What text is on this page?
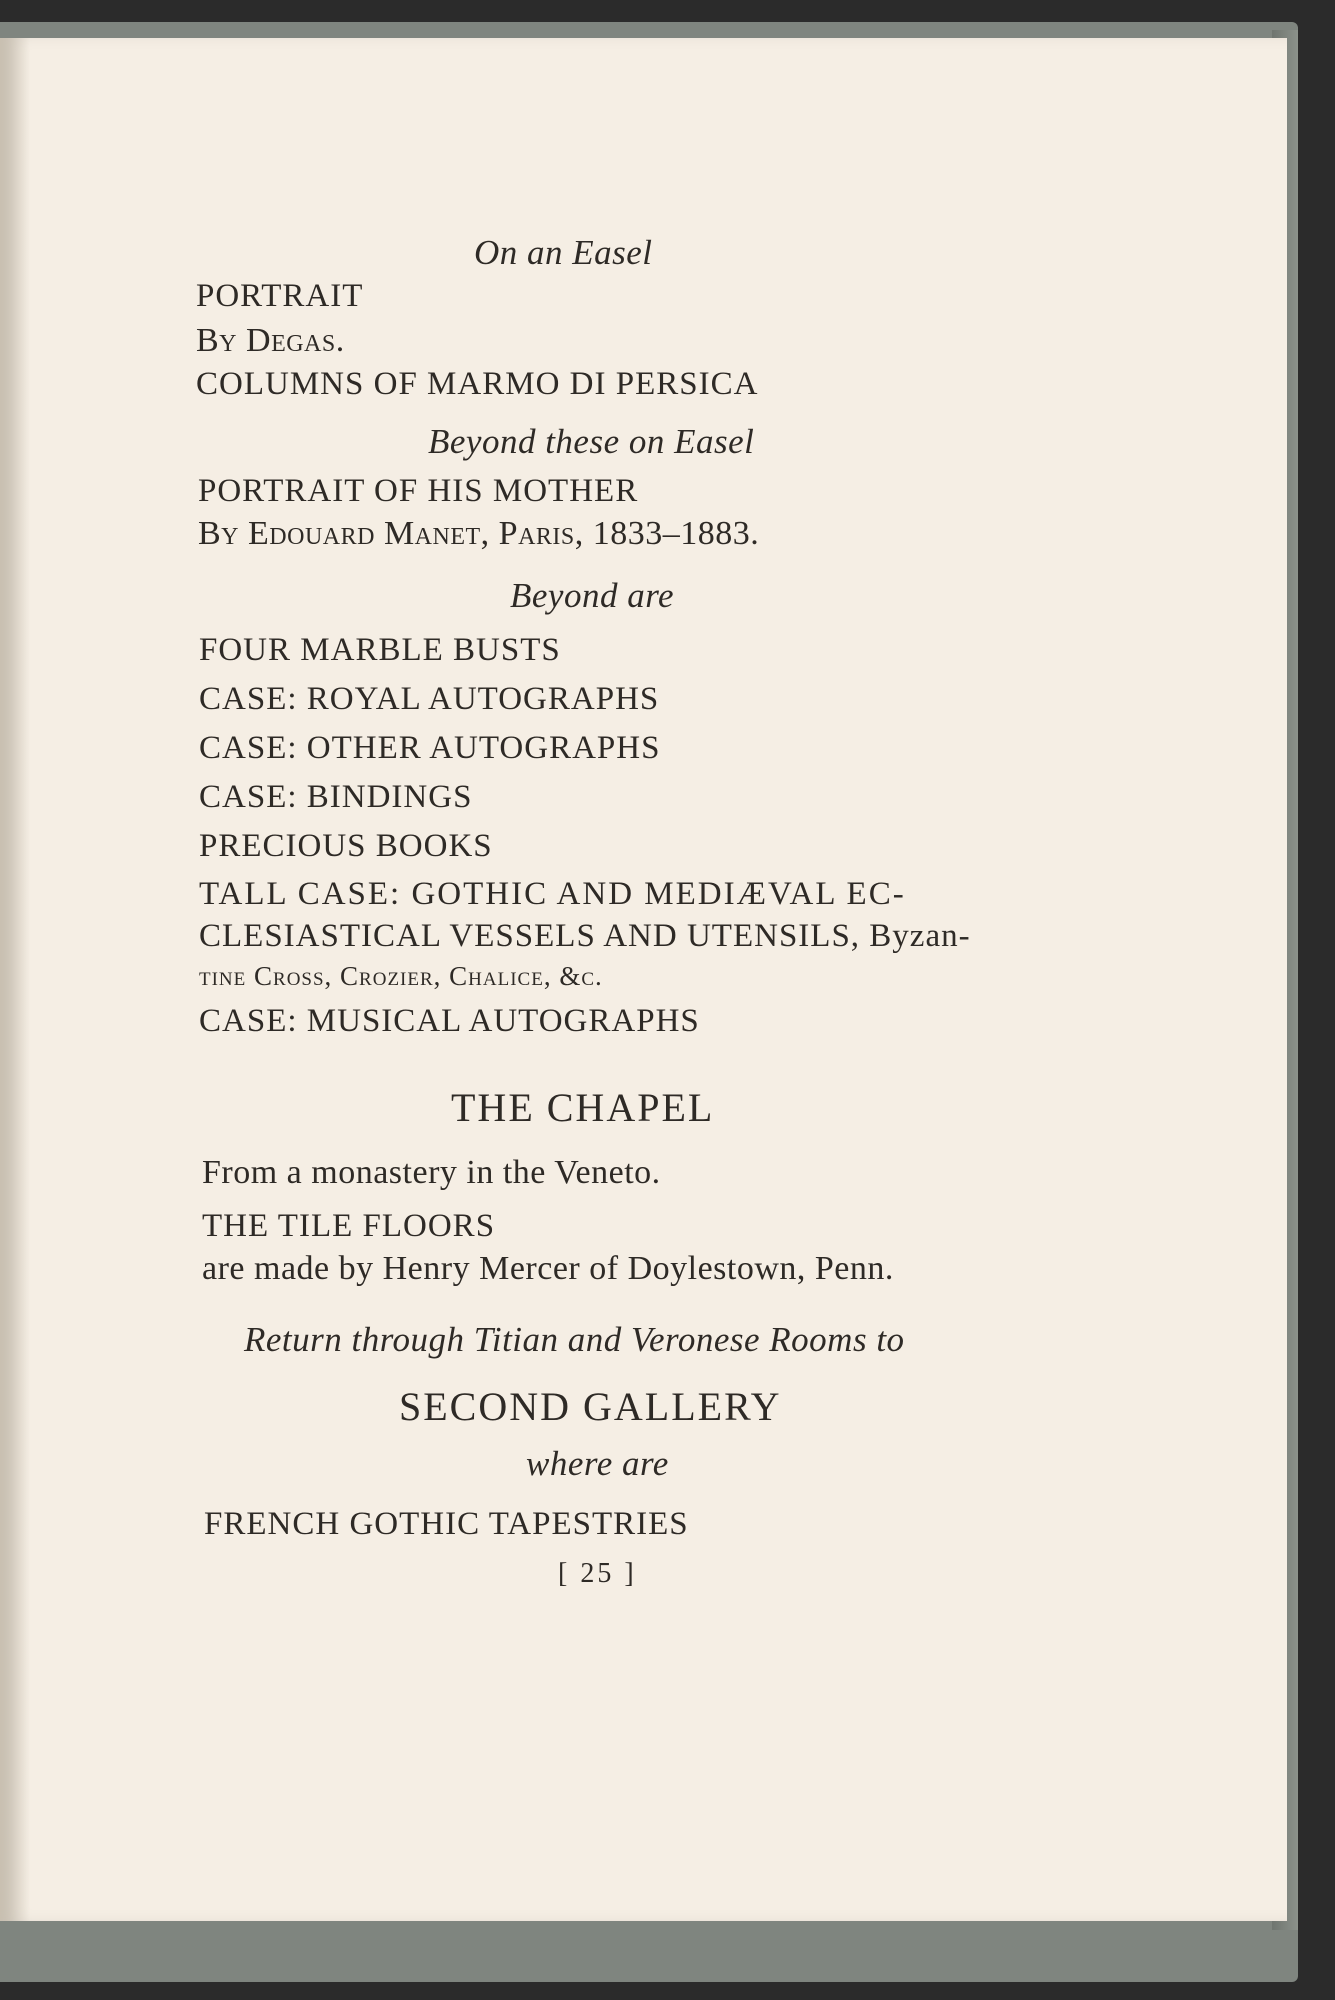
On an Easel

PORTRAIT

By Degas.

COLUMNS OF MARMO DI PERSICA

Beyond these on Easel

PORTRAIT OF HIS MOTHER

By Edouard Manet, Paris, 1833–1883.

Beyond are

FOUR MARBLE BUSTS

CASE: ROYAL AUTOGRAPHS

CASE: OTHER AUTOGRAPHS

CASE: BINDINGS

PRECIOUS BOOKS

TALL CASE: GOTHIC AND MEDIÆVAL EC-

CLESIASTICAL VESSELS AND UTENSILS, Byzan-

tine Cross, Crozier, Chalice, &c.

CASE: MUSICAL AUTOGRAPHS

THE CHAPEL

From a monastery in the Veneto.

THE TILE FLOORS

are made by Henry Mercer of Doylestown, Penn.

Return through Titian and Veronese Rooms to

SECOND GALLERY

where are

FRENCH GOTHIC TAPESTRIES

[ 25 ]
